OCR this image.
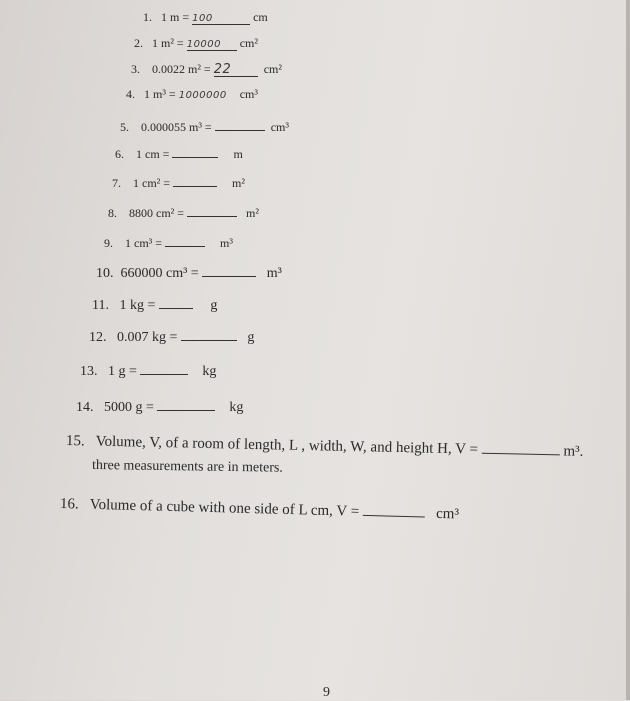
1. 1 m = 100	cm
2. 1 m² = 10000 cm²
3. 0.0022 m² = 22	cm²
4. 1 m³ = 1000000 cm³
5. 0.000055 m³ =	cm³
6. 1 cm =	m
7. 1 cm² =	m²
8. 8800 cm² =	m²
9. 1 cm³ =	m³
10. 660000 cm³ =	m³
11. 1 kg =	g
12. 0.007 kg =	g
13. 1 g =	kg
14. 5000 g =	kg
15. Volume, V, of a room of length, L , width, W, and height H, V =	m³.
three measurements are in meters.
16. Volume of a cube with one side of L cm, V =	cm³
9
